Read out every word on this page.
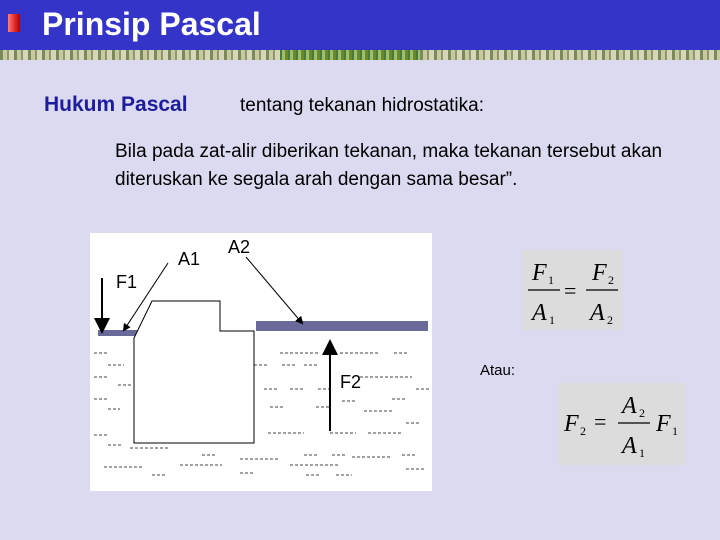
Prinsip Pascal
Hukum Pascal	tentang tekanan hidrostatika:
Bila pada zat-alir diberikan tekanan, maka tekanan tersebut akan diteruskan ke segala arah dengan sama besar”.
F1
A1
A2
F2
F 1
A 1
=
F 2
A 2
Atau:
F 2 =
A 2
A 1
F 1
